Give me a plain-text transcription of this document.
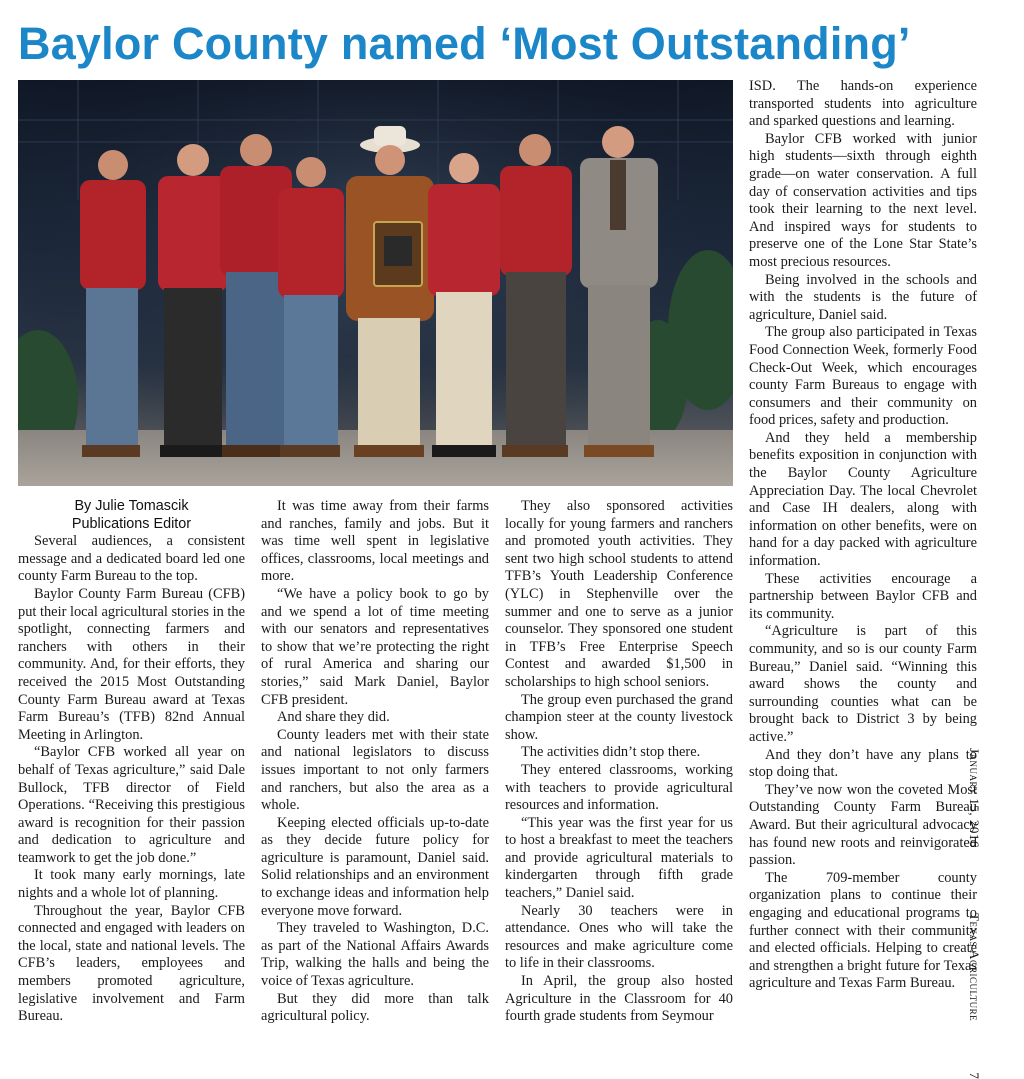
Baylor County named ‘Most Outstanding’
By Julie Tomascik
Publications Editor

Several audiences, a consistent message and a dedicated board led one county Farm Bureau to the top.

Baylor County Farm Bureau (CFB) put their local agricultural stories in the spotlight, connecting farmers and ranchers with others in their community. And, for their efforts, they received the 2015 Most Outstanding County Farm Bureau award at Texas Farm Bureau’s (TFB) 82nd Annual Meeting in Arlington.

“Baylor CFB worked all year on behalf of Texas agriculture,” said Dale Bullock, TFB director of Field Operations. “Receiving this prestigious award is recognition for their passion and dedication to agriculture and teamwork to get the job done.”

It took many early mornings, late nights and a whole lot of planning.

Throughout the year, Baylor CFB connected and engaged with leaders on the local, state and national levels. The CFB’s leaders, employees and members promoted agriculture, legislative involvement and Farm Bureau.

It was time away from their farms and ranches, family and jobs. But it was time well spent in legislative offices, classrooms, local meetings and more.

“We have a policy book to go by and we spend a lot of time meeting with our senators and representatives to show that we’re protecting the right of rural America and sharing our stories,” said Mark Daniel, Baylor CFB president.

And share they did.

County leaders met with their state and national legislators to discuss issues important to not only farmers and ranchers, but also the area as a whole.

Keeping elected officials up-to-date as they decide future policy for agriculture is paramount, Daniel said. Solid relationships and an environment to exchange ideas and information help everyone move forward.

They traveled to Washington, D.C. as part of the National Affairs Awards Trip, walking the halls and being the voice of Texas agriculture.

But they did more than talk agricultural policy.

They also sponsored activities locally for young farmers and ranchers and promoted youth activities. They sent two high school students to attend TFB’s Youth Leadership Conference (YLC) in Stephenville over the summer and one to serve as a junior counselor. They sponsored one student in TFB’s Free Enterprise Speech Contest and awarded $1,500 in scholarships to high school seniors.

The group even purchased the grand champion steer at the county livestock show.

The activities didn’t stop there.

They entered classrooms, working with teachers to provide agricultural resources and information.

“This year was the first year for us to host a breakfast to meet the teachers and provide agricultural materials to kindergarten through fifth grade teachers,” Daniel said.

Nearly 30 teachers were in attendance. Ones who will take the resources and make agriculture come to life in their classrooms.

In April, the group also hosted Agriculture in the Classroom for 40 fourth grade students from Seymour

ISD. The hands-on experience transported students into agriculture and sparked questions and learning.

Baylor CFB worked with junior high students—sixth through eighth grade—on water conservation. A full day of conservation activities and tips took their learning to the next level. And inspired ways for students to preserve one of the Lone Star State’s most precious resources.

Being involved in the schools and with the students is the future of agriculture, Daniel said.

The group also participated in Texas Food Connection Week, formerly Food Check-Out Week, which encourages county Farm Bureaus to engage with consumers and their community on food prices, safety and production.

And they held a membership benefits exposition in conjunction with the Baylor County Agriculture Appreciation Day. The local Chevrolet and Case IH dealers, along with information on other benefits, were on hand for a day packed with agriculture information.

These activities encourage a partnership between Baylor CFB and its community.

“Agriculture is part of this community, and so is our county Farm Bureau,” Daniel said. “Winning this award shows the county and surrounding counties what can be brought back to District 3 by being active.”

And they don’t have any plans to stop doing that.

They’ve now won the coveted Most Outstanding County Farm Bureau Award. But their agricultural advocacy has found new roots and reinvigorated passion.

The 709-member county organization plans to continue their engaging and educational programs to further connect with their community and elected officials. Helping to create and strengthen a bright future for Texas agriculture and Texas Farm Bureau.

January 15, 2016 Texas Agriculture 7
